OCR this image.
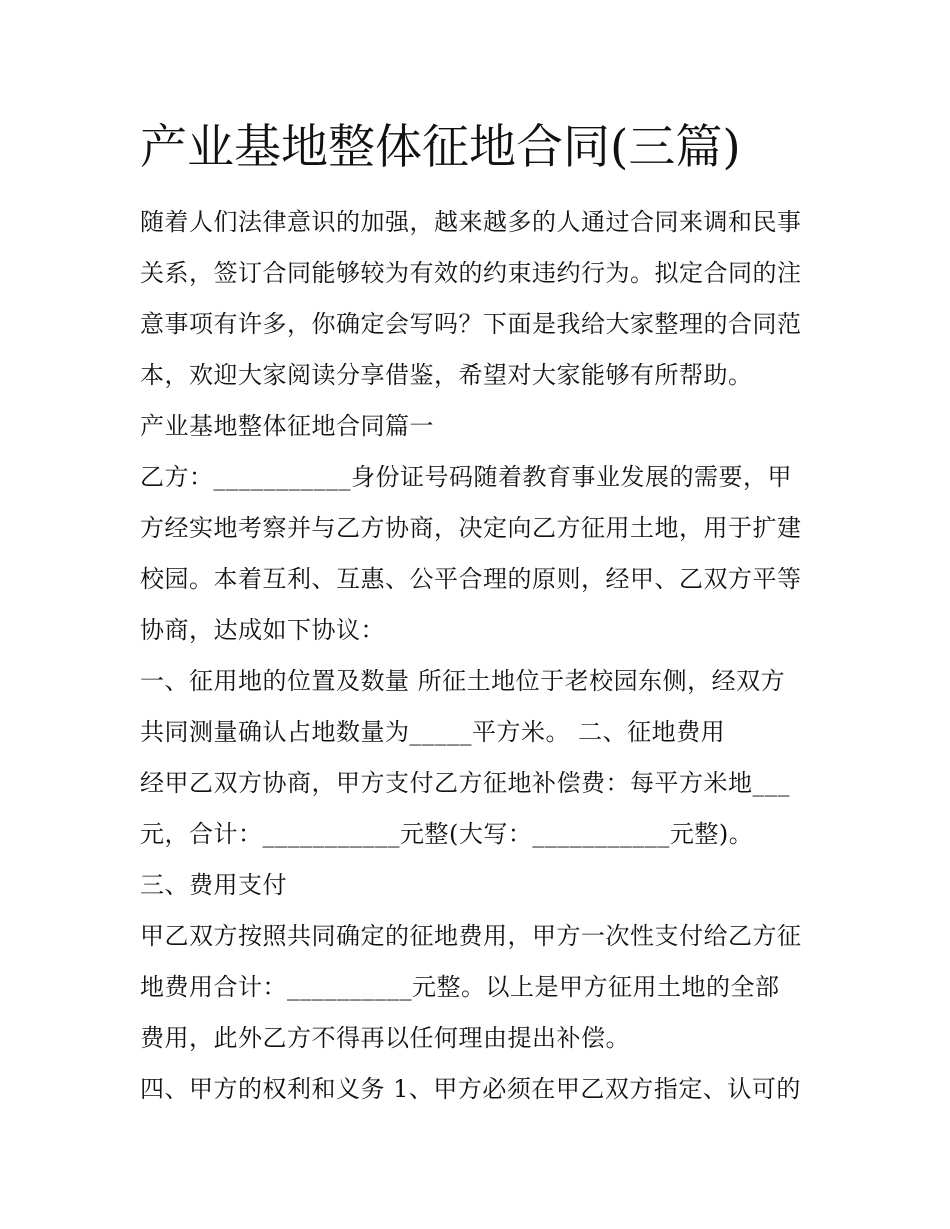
产业基地整体征地合同(三篇)

随着人们法律意识的加强，越来越多的人通过合同来调和民事

关系，签订合同能够较为有效的约束违约行为。拟定合同的注

意事项有许多，你确定会写吗？下面是我给大家整理的合同范

本，欢迎大家阅读分享借鉴，希望对大家能够有所帮助。

产业基地整体征地合同篇一

乙方：___________身份证号码随着教育事业发展的需要，甲

方经实地考察并与乙方协商，决定向乙方征用土地，用于扩建

校园。本着互利、互惠、公平合理的原则，经甲、乙双方平等

协商，达成如下协议：

一、征用地的位置及数量 所征土地位于老校园东侧，经双方

共同测量确认占地数量为_____平方米。 二、征地费用

经甲乙双方协商，甲方支付乙方征地补偿费：每平方米地___

元，合计：___________元整(大写：___________元整)。

三、费用支付

甲乙双方按照共同确定的征地费用，甲方一次性支付给乙方征

地费用合计：__________元整。以上是甲方征用土地的全部

费用，此外乙方不得再以任何理由提出补偿。

四、甲方的权利和义务 1、甲方必须在甲乙双方指定、认可的
